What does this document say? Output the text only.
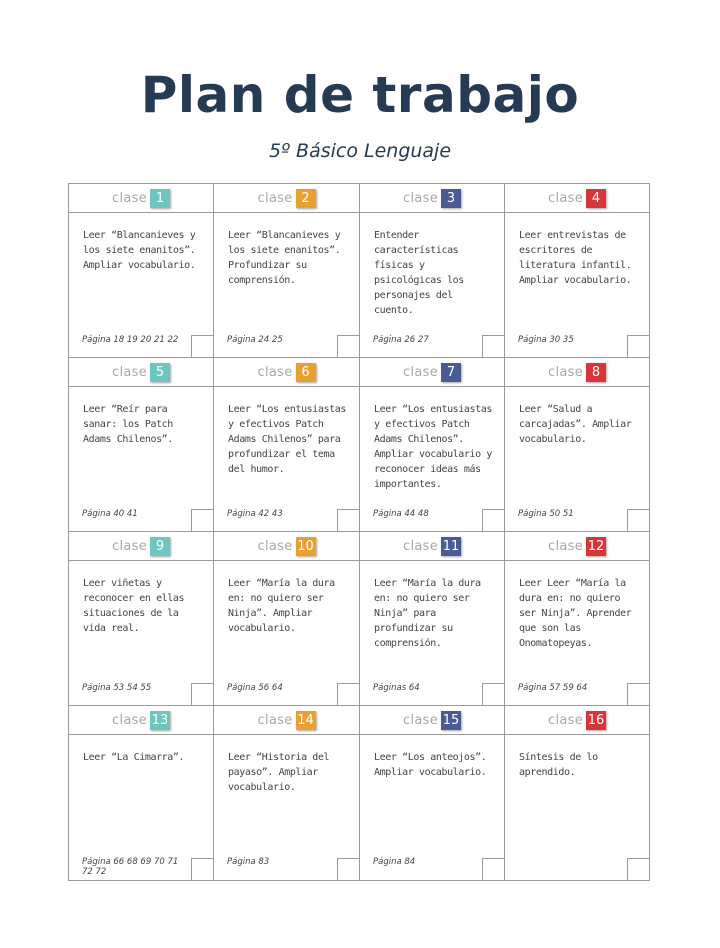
Plan de trabajo
5º Básico Lenguaje
clase 1
Leer “Blancanieves y los siete enanitos”. Ampliar vocabulario.
Página 18 19 20 21 22
clase 2
Leer “Blancanieves y los siete enanitos”. Profundizar su comprensión.
Página 24 25
clase 3
Entender características físicas y psicológicas los personajes del cuento.
Página 26 27
clase 4
Leer entrevistas de escritores de literatura infantil. Ampliar vocabulario.
Página 30 35
clase 5
Leer “Reír para sanar: los Patch Adams Chilenos”.
Página 40 41
clase 6
Leer “Los entusiastas y efectivos Patch Adams Chilenos” para profundizar el tema del humor.
Página 42 43
clase 7
Leer “Los entusiastas y efectivos Patch Adams Chilenos”. Ampliar vocabulario y reconocer ideas más importantes.
Página 44 48
clase 8
Leer “Salud a carcajadas”. Ampliar vocabulario.
Página 50 51
clase 9
Leer viñetas y reconocer en ellas situaciones de la vida real.
Página 53 54 55
clase 10
Leer “María la dura en: no quiero ser Ninja”. Ampliar vocabulario.
Página 56 64
clase 11
Leer “María la dura en: no quiero ser Ninja” para profundizar su comprensión.
Páginas 64
clase 12
Leer Leer “María la dura en: no quiero ser Ninja”. Aprender que son las Onomatopeyas.
Página 57 59 64
clase 13
Leer “La Cimarra”.
Página 66 68 69 70 71 72 72
clase 14
Leer “Historia del payaso”. Ampliar vocabulario.
Página 83
clase 15
Leer “Los anteojos”. Ampliar vocabulario.
Página 84
clase 16
Síntesis de lo aprendido.
